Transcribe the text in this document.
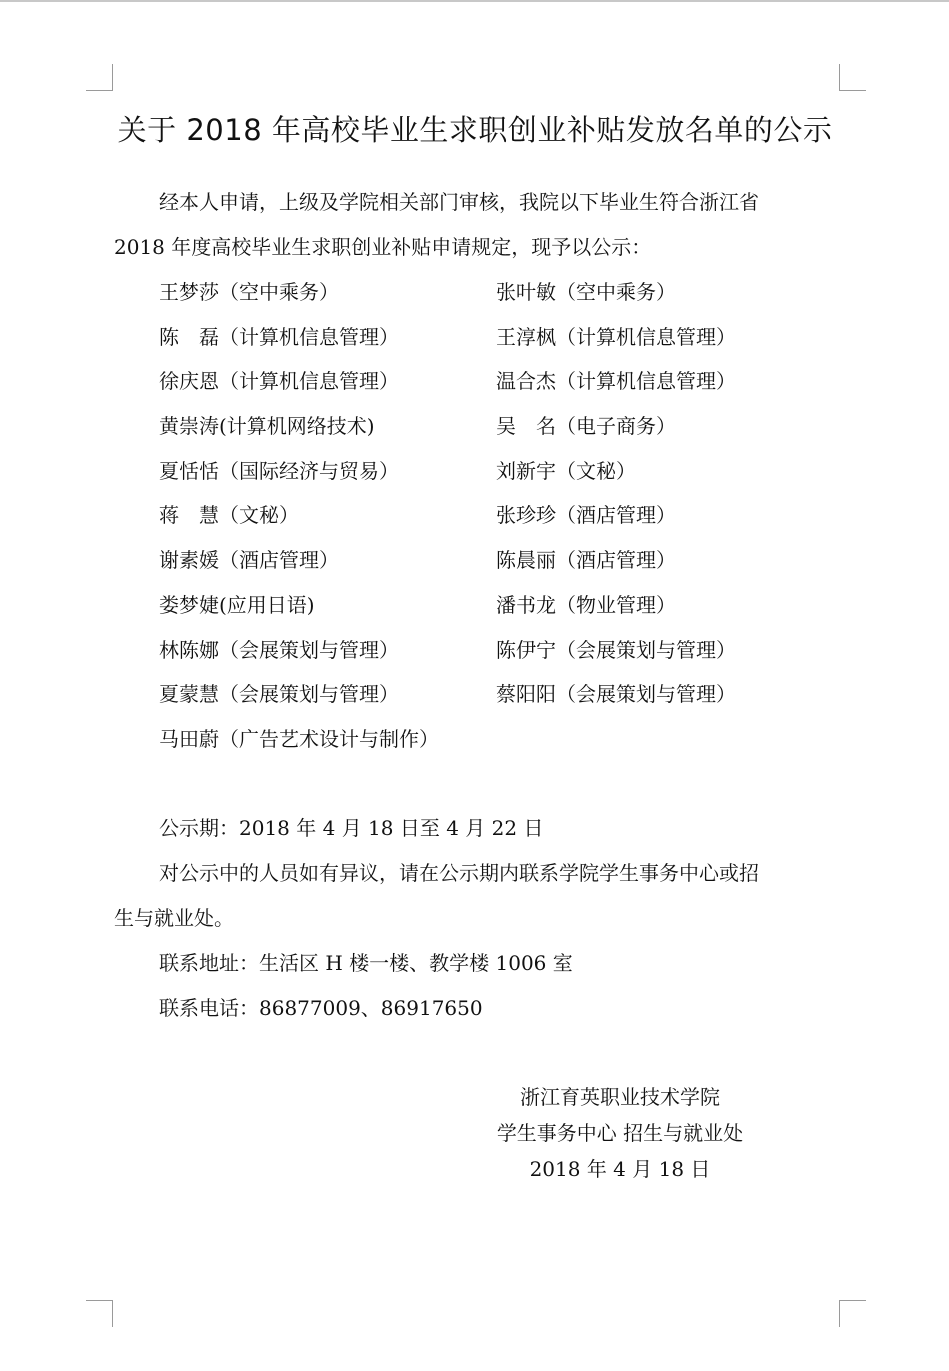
关于 2018 年高校毕业生求职创业补贴发放名单的公示
经本人申请，上级及学院相关部门审核，我院以下毕业生符合浙江省
2018 年度高校毕业生求职创业补贴申请规定，现予以公示：
王梦莎（空中乘务）	张叶敏（空中乘务）
陈　磊（计算机信息管理）	王淳枫（计算机信息管理）
徐庆恩（计算机信息管理）	温合杰（计算机信息管理）
黄崇涛(计算机网络技术)	吴　名（电子商务）
夏恬恬（国际经济与贸易）	刘新宇（文秘）
蒋　慧（文秘）	张珍珍（酒店管理）
谢素媛（酒店管理）	陈晨丽（酒店管理）
娄梦婕(应用日语)	潘书龙（物业管理）
林陈娜（会展策划与管理）	陈伊宁（会展策划与管理）
夏蒙慧（会展策划与管理）	蔡阳阳（会展策划与管理）
马田蔚（广告艺术设计与制作）
公示期：2018 年 4 月 18 日至 4 月 22 日
对公示中的人员如有异议，请在公示期内联系学院学生事务中心或招
生与就业处。
联系地址：生活区 H 楼一楼、教学楼 1006 室
联系电话：86877009、86917650
浙江育英职业技术学院
学生事务中心 招生与就业处
2018 年 4 月 18 日
